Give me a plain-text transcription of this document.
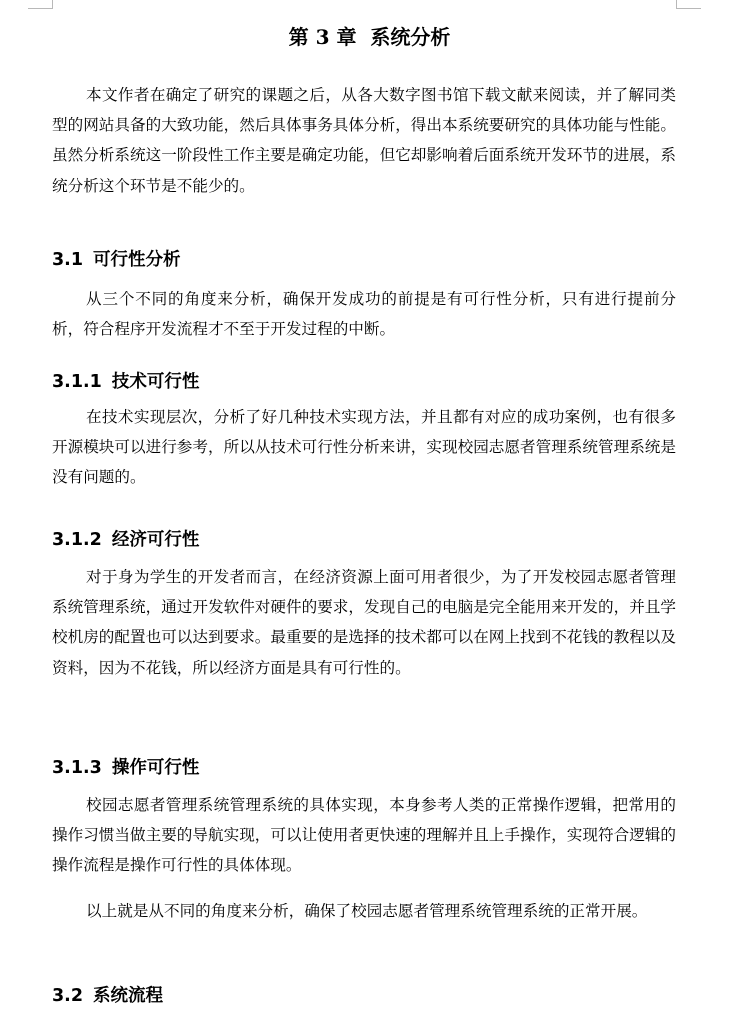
第 3 章  系统分析

本文作者在确定了研究的课题之后，从各大数字图书馆下载文献来阅读，并了解同类型的网站具备的大致功能，然后具体事务具体分析，得出本系统要研究的具体功能与性能。虽然分析系统这一阶段性工作主要是确定功能，但它却影响着后面系统开发环节的进展，系统分析这个环节是不能少的。

3.1 可行性分析

从三个不同的角度来分析，确保开发成功的前提是有可行性分析，只有进行提前分析，符合程序开发流程才不至于开发过程的中断。

3.1.1 技术可行性

在技术实现层次，分析了好几种技术实现方法，并且都有对应的成功案例，也有很多开源模块可以进行参考，所以从技术可行性分析来讲，实现校园志愿者管理系统管理系统是没有问题的。

3.1.2 经济可行性

对于身为学生的开发者而言，在经济资源上面可用者很少，为了开发校园志愿者管理系统管理系统，通过开发软件对硬件的要求，发现自己的电脑是完全能用来开发的，并且学校机房的配置也可以达到要求。最重要的是选择的技术都可以在网上找到不花钱的教程以及资料，因为不花钱，所以经济方面是具有可行性的。

3.1.3 操作可行性

校园志愿者管理系统管理系统的具体实现，本身参考人类的正常操作逻辑，把常用的操作习惯当做主要的导航实现，可以让使用者更快速的理解并且上手操作，实现符合逻辑的操作流程是操作可行性的具体体现。

以上就是从不同的角度来分析，确保了校园志愿者管理系统管理系统的正常开展。

3.2 系统流程
